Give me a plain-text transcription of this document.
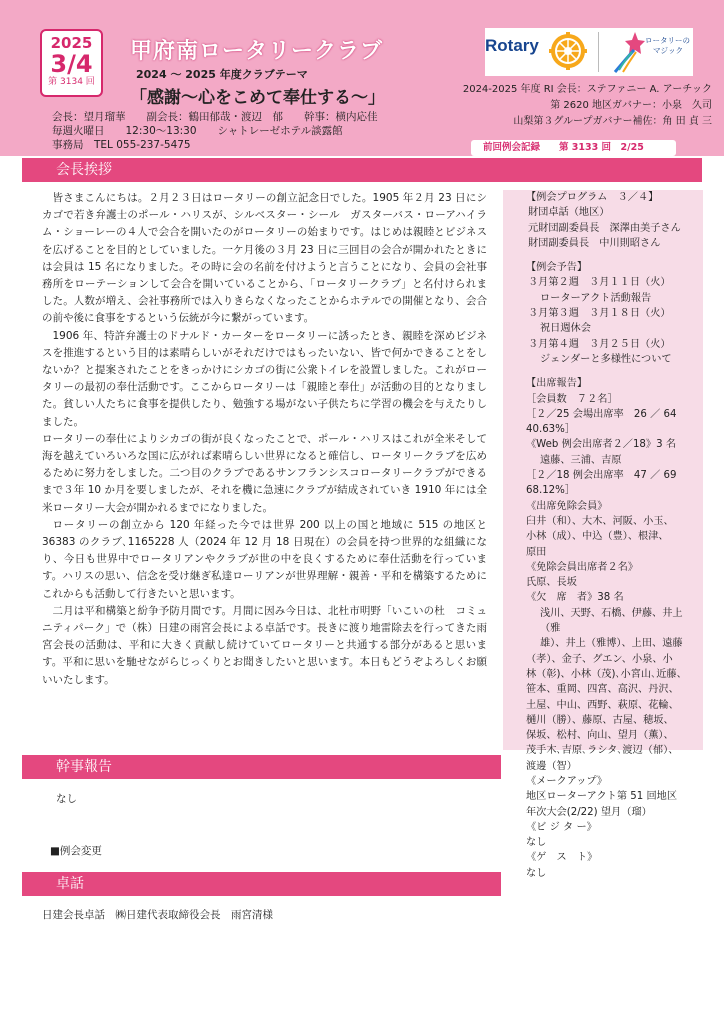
2025
3/4
第 3134 回
甲府南ロータリークラブ
2024 ～ 2025 年度クラブテーマ
「感謝～心をこめて奉仕する～」
会長：望月瑠華　　副会長：鶴田郁哉・渡辺　郁　　幹事：横内応佳
毎週火曜日　　12:30～13:30　　シャトレーゼホテル談露館
事務局　TEL 055-237-5475
Rotary	ロータリーの
マジック
2024-2025 年度 RI 会長：ステファニー A. アーチック
第 2620 地区ガバナー：小泉　久司
山梨第３グループガバナー補佐：角 田 貞 三
前回例会記録　　第 3133 回　2/25
会長挨拶

皆さまこんにちは。２月２３日はロータリーの創立記念日でした。1905 年２月 23 日にシカゴで若き弁護士のポール・ハリスが、シルベスター・シール　ガスターバス・ローアハイラム・ショーレーの４人で会合を開いたのがロータリーの始まりです。はじめは親睦とビジネスを広げることを目的としていました。一ケ月後の３月 23 日に三回目の会合が開かれたときには会員は 15 名になりました。その時に会の名前を付けようと言うことになり、会員の会社事務所をローテーションして会合を開いていることから、「ロータリークラブ」と名付けられました。人数が増え、会社事務所では入りきらなくなったことからホテルでの開催となり、会合の前や後に食事をするという伝統が今に繋がっています。

1906 年、特許弁護士のドナルド・カーターをロータリーに誘ったとき、親睦を深めビジネスを推進するという目的は素晴らしいがそれだけではもったいない、皆で何かできることをしないか？と提案されたことをきっかけにシカゴの街に公衆トイレを設置しました。これがロータリーの最初の奉仕活動です。ここからロータリーは「親睦と奉仕」が活動の目的となりました。貧しい人たちに食事を提供したり、勉強する場がない子供たちに学習の機会を与えたりしました。

ロータリーの奉仕によりシカゴの街が良くなったことで、ポール・ハリスはこれが全米そして海を越えていろいろな国に広がれば素晴らしい世界になると確信し、ロータリークラブを広めるために努力をしました。二つ目のクラブであるサンフランシスコロータリークラブができるまで３年 10 か月を要しましたが、それを機に急速にクラブが結成されていき 1910 年には全米ロータリー大会が開かれるまでになりました。

ロータリーの創立から 120 年経った今では世界 200 以上の国と地域に 515 の地区と 36383 のクラブ､1165228 人（2024 年 12 月 18 日現在）の会員を持つ世界的な組織になり、今日も世界中でロータリアンやクラブが世の中を良くするために奉仕活動を行っています。ハリスの思い、信念を受け継ぎ私達ローリアンが世界理解・親善・平和を構築するためにこれからも活動して行きたいと思います。

二月は平和構築と紛争予防月間です。月間に因み今日は、北杜市明野「いこいの杜　コミュニティパーク」で（株）日建の雨宮会長による卓話です。長きに渡り地雷除去を行ってきた雨宮会長の活動は、平和に大きく貢献し続けていてロータリーと共通する部分があると思います。平和に思いを馳せながらじっくりとお聞きしたいと思います。本日もどうぞよろしくお願いいたします。

【例会プログラム　３／４】
財団卓話（地区）
元財団副委員長　深澤由美子さん
財団副委員長　中川則昭さん
【例会予告】
３月第２週　３月１１日（火）
ローターアクト活動報告
３月第３週　３月１８日（火）
祝日週休会
３月第４週　３月２５日（火）
ジェンダーと多様性について
【出席報告】
［会員数　７２名］
［２／25 会場出席率　26 ／ 64
40.63%］
《Web 例会出席者２／18》3 名
遠藤、三浦、吉原
［２／18 例会出席率　47 ／ 69
68.12%］
《出席免除会員》
臼井（和）、大木、河阪、小玉、
小林（成）、中込（豊）、根津、
原田
《免除会員出席者２名》
氏原、長坂
《欠　席　者》38 名
浅川、天野、石橋、伊藤、井上（雅
雄）、井上（雅博）、上田、遠藤
（孝）、金子、グエン、小泉、小
林（彰)、小林（茂)､小宮山､近藤、
笹本、重岡、四宮、高沢、丹沢、
土屋、中山、西野、萩原、花輪、
樋川（勝）、藤原、古屋、穂坂、
保坂、松村、向山、望月（薫）、
茂手木､吉原､ラシタ､渡辺（郁）、
渡邊（智）
《メークアップ》
地区ローターアクト第 51 回地区
年次大会(2/22) 望月（瑠）
《ビ ジ タ ー》
なし
《ゲ　ス　ト》
なし
幹事報告
なし
■例会変更
卓話
日建会長卓話　㈱日建代表取締役会長　雨宮清様
